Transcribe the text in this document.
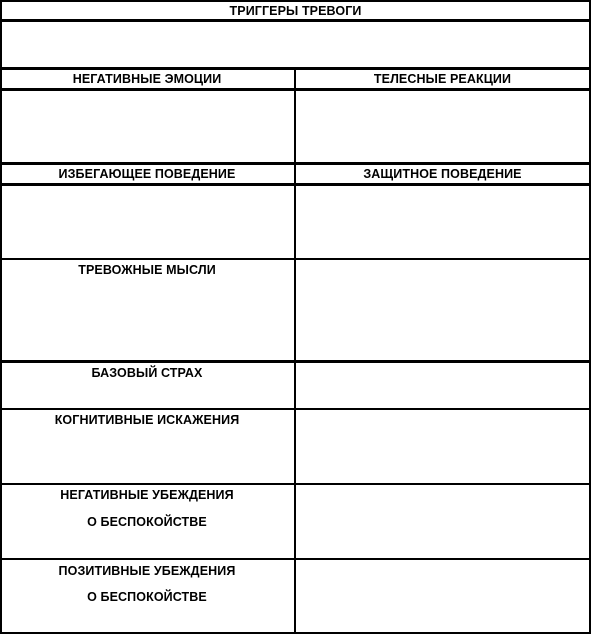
ТРИГГЕРЫ ТРЕВОГИ
НЕГАТИВНЫЕ ЭМОЦИИ	ТЕЛЕСНЫЕ РЕАКЦИИ
ИЗБЕГАЮЩЕЕ ПОВЕДЕНИЕ	ЗАЩИТНОЕ ПОВЕДЕНИЕ
ТРЕВОЖНЫЕ МЫСЛИ
БАЗОВЫЙ СТРАХ
КОГНИТИВНЫЕ ИСКАЖЕНИЯ
НЕГАТИВНЫЕ УБЕЖДЕНИЯ
О БЕСПОКОЙСТВЕ
ПОЗИТИВНЫЕ УБЕЖДЕНИЯ
О БЕСПОКОЙСТВЕ
